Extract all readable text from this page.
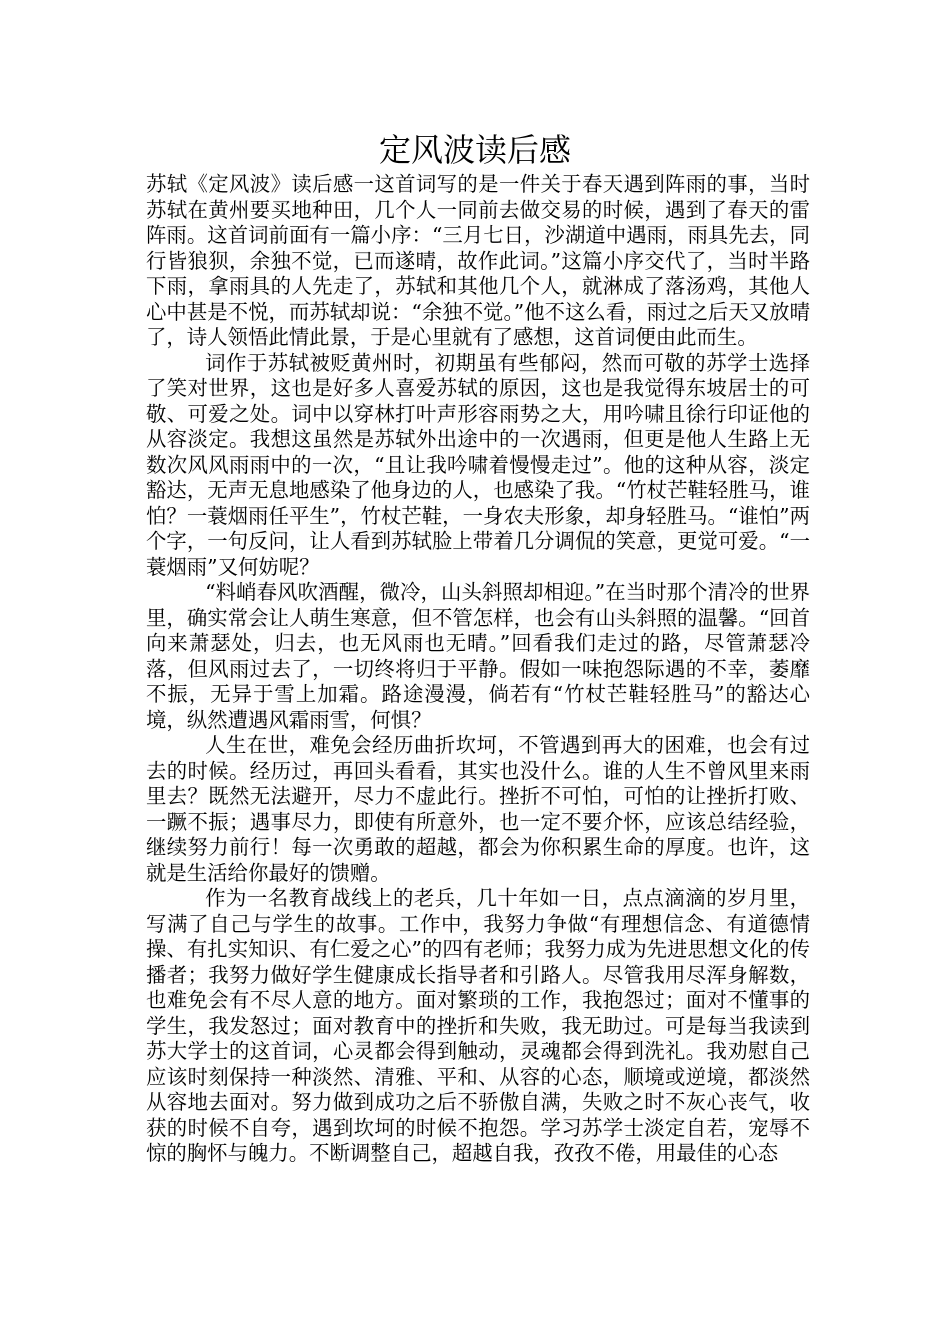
定风波读后感

苏轼《定风波》读后感一这首词写的是一件关于春天遇到阵雨的事，当时苏轼在黄州要买地种田，几个人一同前去做交易的时候，遇到了春天的雷阵雨。这首词前面有一篇小序：“三月七日，沙湖道中遇雨，雨具先去，同行皆狼狈，余独不觉，已而遂晴，故作此词。”这篇小序交代了，当时半路下雨，拿雨具的人先走了，苏轼和其他几个人，就淋成了落汤鸡，其他人心中甚是不悦，而苏轼却说：“余独不觉。”他不这么看，雨过之后天又放晴了，诗人领悟此情此景，于是心里就有了感想，这首词便由此而生。

词作于苏轼被贬黄州时，初期虽有些郁闷，然而可敬的苏学士选择了笑对世界，这也是好多人喜爱苏轼的原因，这也是我觉得东坡居士的可敬、可爱之处。词中以穿林打叶声形容雨势之大，用吟啸且徐行印证他的从容淡定。我想这虽然是苏轼外出途中的一次遇雨，但更是他人生路上无数次风风雨雨中的一次，“且让我吟啸着慢慢走过”。他的这种从容，淡定豁达，无声无息地感染了他身边的人，也感染了我。“竹杖芒鞋轻胜马，谁怕？一蓑烟雨任平生”，竹杖芒鞋，一身农夫形象，却身轻胜马。“谁怕”两个字，一句反问，让人看到苏轼脸上带着几分调侃的笑意，更觉可爱。“一蓑烟雨”又何妨呢？

“料峭春风吹酒醒，微冷，山头斜照却相迎。”在当时那个清冷的世界里，确实常会让人萌生寒意，但不管怎样，也会有山头斜照的温馨。“回首向来萧瑟处，归去，也无风雨也无晴。”回看我们走过的路，尽管萧瑟冷落，但风雨过去了，一切终将归于平静。假如一味抱怨际遇的不幸，萎靡不振，无异于雪上加霜。路途漫漫，倘若有“竹杖芒鞋轻胜马”的豁达心境，纵然遭遇风霜雨雪，何惧？

人生在世，难免会经历曲折坎坷，不管遇到再大的困难，也会有过去的时候。经历过，再回头看看，其实也没什么。谁的人生不曾风里来雨里去？既然无法避开，尽力不虚此行。挫折不可怕，可怕的让挫折打败、一蹶不振；遇事尽力，即使有所意外，也一定不要介怀，应该总结经验，继续努力前行！每一次勇敢的超越，都会为你积累生命的厚度。也许，这就是生活给你最好的馈赠。

作为一名教育战线上的老兵，几十年如一日，点点滴滴的岁月里，写满了自己与学生的故事。工作中，我努力争做“有理想信念、有道德情操、有扎实知识、有仁爱之心”的四有老师；我努力成为先进思想文化的传播者；我努力做好学生健康成长指导者和引路人。尽管我用尽浑身解数，也难免会有不尽人意的地方。面对繁琐的工作，我抱怨过；面对不懂事的学生，我发怒过；面对教育中的挫折和失败，我无助过。可是每当我读到苏大学士的这首词，心灵都会得到触动，灵魂都会得到洗礼。我劝慰自己应该时刻保持一种淡然、清雅、平和、从容的心态，顺境或逆境，都淡然从容地去面对。努力做到成功之后不骄傲自满，失败之时不灰心丧气，收获的时候不自夸，遇到坎坷的时候不抱怨。学习苏学士淡定自若，宠辱不惊的胸怀与魄力。不断调整自己，超越自我，孜孜不倦，用最佳的心态
